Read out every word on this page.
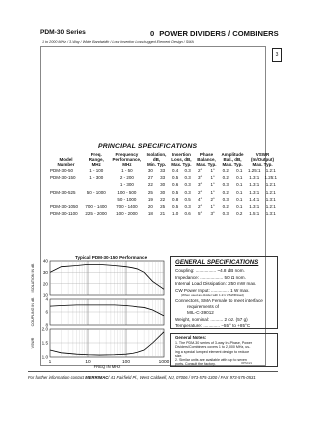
PDM-30 Series	0 POWER DIVIDERS / COMBINERS
1 to 2000 MHz / 3-Way / Wide Bandwidth / Low Insertion Loss/rugged Element Design / SMA
3
PRINCIPAL SPECIFICATIONS
	Freq.	Frequency	Isolation,		Insertion		Phase		Amplitude		VSWR	
Model	Range,	Performance,	dB,		Loss, dB,		Balance,		Bal., dB,		(In/Output)	
Number	MHz	MHz	Min. Typ.		Max. Typ.		Max. Typ.		Max. Typ.		Max. Typ.	
PDM-30-50	1 - 100	1 - 50	30	33	0.4	0.3	2°	1°	0.2	0.1	1.25:1	1.2:1
PDM-30-150	1 - 300	2 - 200	27	33	0.5	0.3	3°	1°	0.2	0.1	1.3:1	1.25:1
		1 - 300	22	30	0.6	0.3	3°	1°	0.3	0.1	1.3:1	1.2:1
PDM-30-525	50 - 1000	100 - 500	25	30	0.5	0.3	2°	1°	0.2	0.1	1.3:1	1.2:1
		50 - 1000	19	22	0.8	0.5	4°	2°	0.3	0.1	1.4:1	1.3:1
PDM-30-1050	700 - 1400	700 - 1400	20	25	0.5	0.3	2°	1°	0.2	0.1	1.3:1	1.2:1
PDM-30-1100	225 - 2000	100 - 2000	18	21	1.0	0.6	5°	3°	0.3	0.2	1.5:1	1.3:1
Typical PDM-30-150 Performance
40
30
20
10
ISOLATION IN dB
4
6
8
COUPLING IN dB
2.0
1.5
1.0
VSWR
1	10	100	1000
FREQ IN MHz
GENERAL SPECIFICATIONS
Coupling: ................ ~4.8 dB nom.
Impedance: .................. 50 Ω nom.
Internal Load Dissipation: 250 mW max.
CW Power Input: .............. 1 W max.
(When used as divider with 1.2:1 VSWR/load)
Connectors, SMA Female to meet interface
requirements of
MIL-C-39012
Weight, nominal: .......... 2 oz. (57 g)
Temperature: ............. −55° to +85°C
General Notes:
1. The PDM-30 series of 3-way In-Phase, Power
Dividers/Combiners covers 1 to 2,000 MHz, us-
ing a special lumped element design to reduce
size.
2. Similar units are available with up to seven
ports. Consult the factory.	OPSC21
For further information contact MERRIMAC/ 41 Fairfield Pl., West Caldwell, NJ, 07006 / 973-575-1300 / FAX 973-575-0531
